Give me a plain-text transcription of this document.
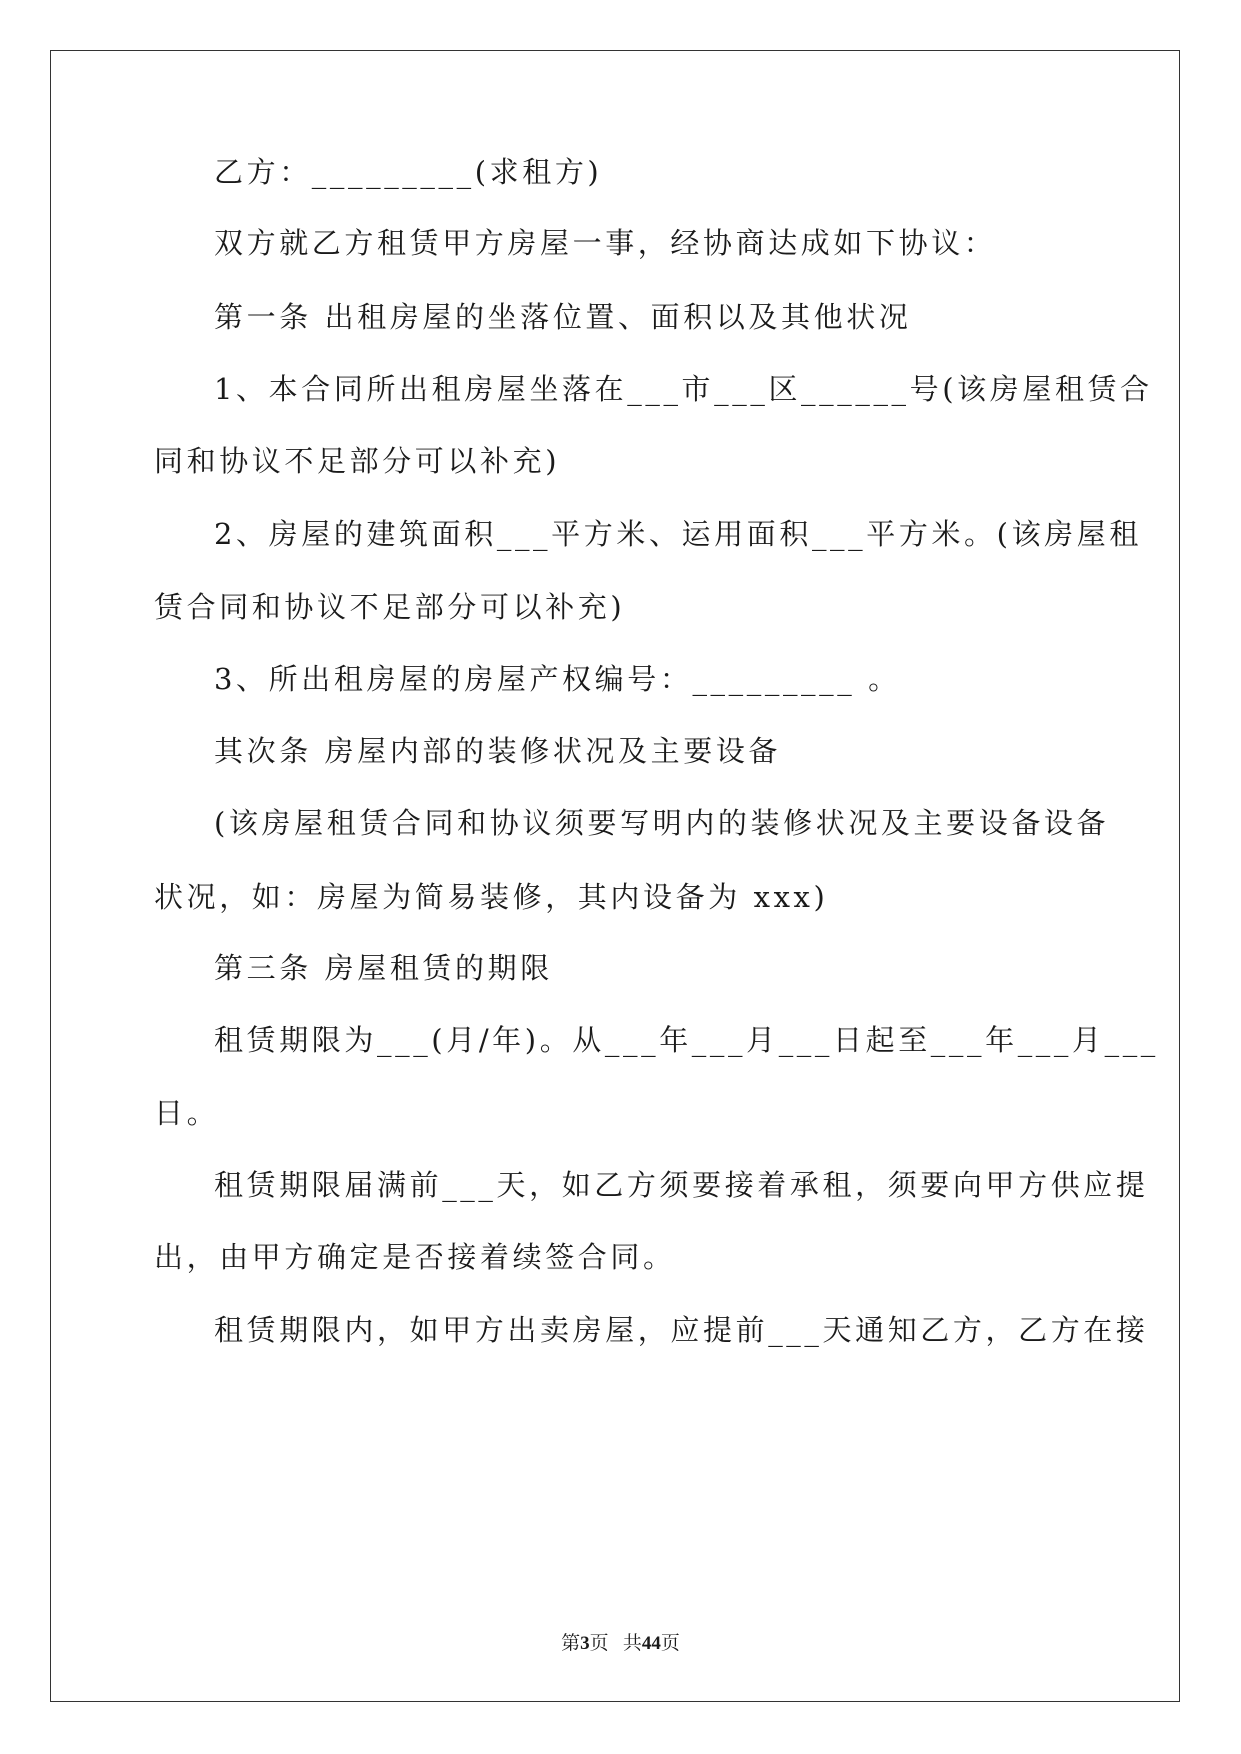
乙方：_________(求租方)
双方就乙方租赁甲方房屋一事，经协商达成如下协议：
第一条 出租房屋的坐落位置、面积以及其他状况
1、本合同所出租房屋坐落在___市___区______号(该房屋租赁合
同和协议不足部分可以补充)
2、房屋的建筑面积___平方米、运用面积___平方米。(该房屋租
赁合同和协议不足部分可以补充)
3、所出租房屋的房屋产权编号：_________ 。
其次条 房屋内部的装修状况及主要设备
(该房屋租赁合同和协议须要写明内的装修状况及主要设备设备
状况，如：房屋为简易装修，其内设备为 xxx)
第三条 房屋租赁的期限
租赁期限为___(月/年)。从___年___月___日起至___年___月___
日。
租赁期限届满前___天，如乙方须要接着承租，须要向甲方供应提
出，由甲方确定是否接着续签合同。
租赁期限内，如甲方出卖房屋，应提前___天通知乙方，乙方在接
第3页 共44页
